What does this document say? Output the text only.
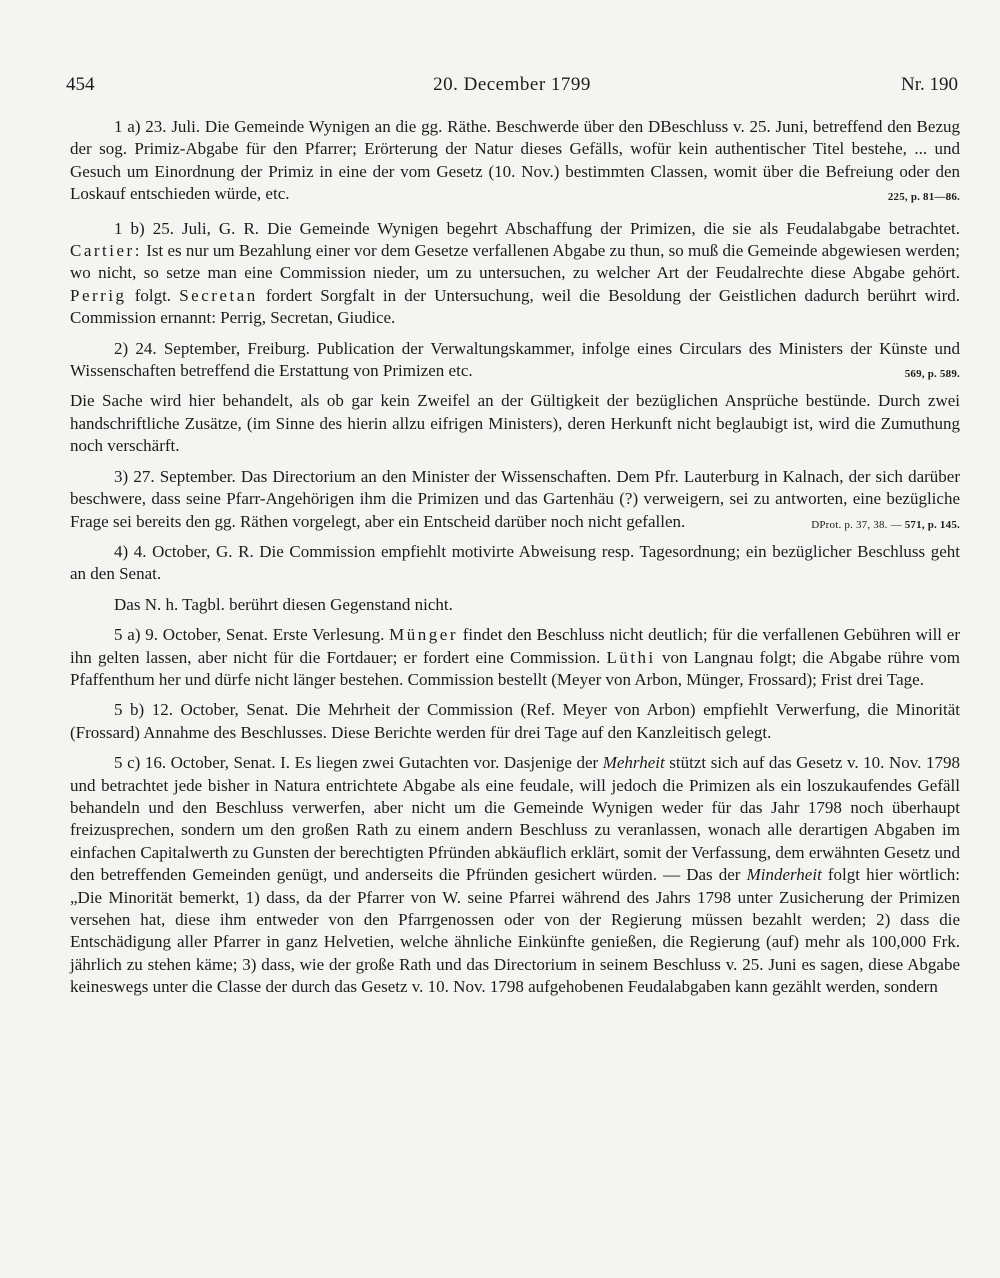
454	20. December 1799	Nr. 190

1 a) 23. Juli. Die Gemeinde Wynigen an die gg. Räthe. Beschwerde über den DBeschluss v. 25. Juni, betreffend den Bezug der sog. Primiz-Abgabe für den Pfarrer; Erörterung der Natur dieses Gefälls, wofür kein authentischer Titel bestehe, ... und Gesuch um Einordnung der Primiz in eine der vom Gesetz (10. Nov.) bestimmten Classen, womit über die Befreiung oder den Loskauf entschieden würde, etc.	225, p. 81—86.

1 b) 25. Juli, G. R. Die Gemeinde Wynigen begehrt Abschaffung der Primizen, die sie als Feudalabgabe betrachtet. Cartier: Ist es nur um Bezahlung einer vor dem Gesetze verfallenen Abgabe zu thun, so muß die Gemeinde abgewiesen werden; wo nicht, so setze man eine Commission nieder, um zu untersuchen, zu welcher Art der Feudalrechte diese Abgabe gehört. Perrig folgt. Secretan fordert Sorgfalt in der Untersuchung, weil die Besoldung der Geistlichen dadurch berührt wird. Commission ernannt: Perrig, Secretan, Giudice.

2) 24. September, Freiburg. Publication der Verwaltungskammer, infolge eines Circulars des Ministers der Künste und Wissenschaften betreffend die Erstattung von Primizen etc.	569, p. 589.

Die Sache wird hier behandelt, als ob gar kein Zweifel an der Gültigkeit der bezüglichen Ansprüche bestünde. Durch zwei handschriftliche Zusätze, (im Sinne des hierin allzu eifrigen Ministers), deren Herkunft nicht beglaubigt ist, wird die Zumuthung noch verschärft.

3) 27. September. Das Directorium an den Minister der Wissenschaften. Dem Pfr. Lauterburg in Kalnach, der sich darüber beschwere, dass seine Pfarr-Angehörigen ihm die Primizen und das Gartenhäu (?) verweigern, sei zu antworten, eine bezügliche Frage sei bereits den gg. Räthen vorgelegt, aber ein Entscheid darüber noch nicht gefallen.	DProt. p. 37, 38. — 571, p. 145.

4) 4. October, G. R. Die Commission empfiehlt motivirte Abweisung resp. Tagesordnung; ein bezüglicher Beschluss geht an den Senat.

Das N. h. Tagbl. berührt diesen Gegenstand nicht.

5 a) 9. October, Senat. Erste Verlesung. Münger findet den Beschluss nicht deutlich; für die verfallenen Gebühren will er ihn gelten lassen, aber nicht für die Fortdauer; er fordert eine Commission. Lüthi von Langnau folgt; die Abgabe rühre vom Pfaffenthum her und dürfe nicht länger bestehen. Commission bestellt (Meyer von Arbon, Münger, Frossard); Frist drei Tage.

5 b) 12. October, Senat. Die Mehrheit der Commission (Ref. Meyer von Arbon) empfiehlt Verwerfung, die Minorität (Frossard) Annahme des Beschlusses. Diese Berichte werden für drei Tage auf den Kanzleitisch gelegt.

5 c) 16. October, Senat. I. Es liegen zwei Gutachten vor. Dasjenige der Mehrheit stützt sich auf das Gesetz v. 10. Nov. 1798 und betrachtet jede bisher in Natura entrichtete Abgabe als eine feudale, will jedoch die Primizen als ein loszukaufendes Gefäll behandeln und den Beschluss verwerfen, aber nicht um die Gemeinde Wynigen weder für das Jahr 1798 noch überhaupt freizusprechen, sondern um den großen Rath zu einem andern Beschluss zu veranlassen, wonach alle derartigen Abgaben im einfachen Capitalwerth zu Gunsten der berechtigten Pfründen abkäuflich erklärt, somit der Verfassung, dem erwähnten Gesetz und den betreffenden Gemeinden genügt, und anderseits die Pfründen gesichert würden. — Das der Minderheit folgt hier wörtlich: „Die Minorität bemerkt, 1) dass, da der Pfarrer von W. seine Pfarrei während des Jahrs 1798 unter Zusicherung der Primizen versehen hat, diese ihm entweder von den Pfarrgenossen oder von der Regierung müssen bezahlt werden; 2) dass die Entschädigung aller Pfarrer in ganz Helvetien, welche ähnliche Einkünfte genießen, die Regierung (auf) mehr als 100,000 Frk. jährlich zu stehen käme; 3) dass, wie der große Rath und das Directorium in seinem Beschluss v. 25. Juni es sagen, diese Abgabe keineswegs unter die Classe der durch das Gesetz v. 10. Nov. 1798 aufgehobenen Feudalabgaben kann gezählt werden, sondern
